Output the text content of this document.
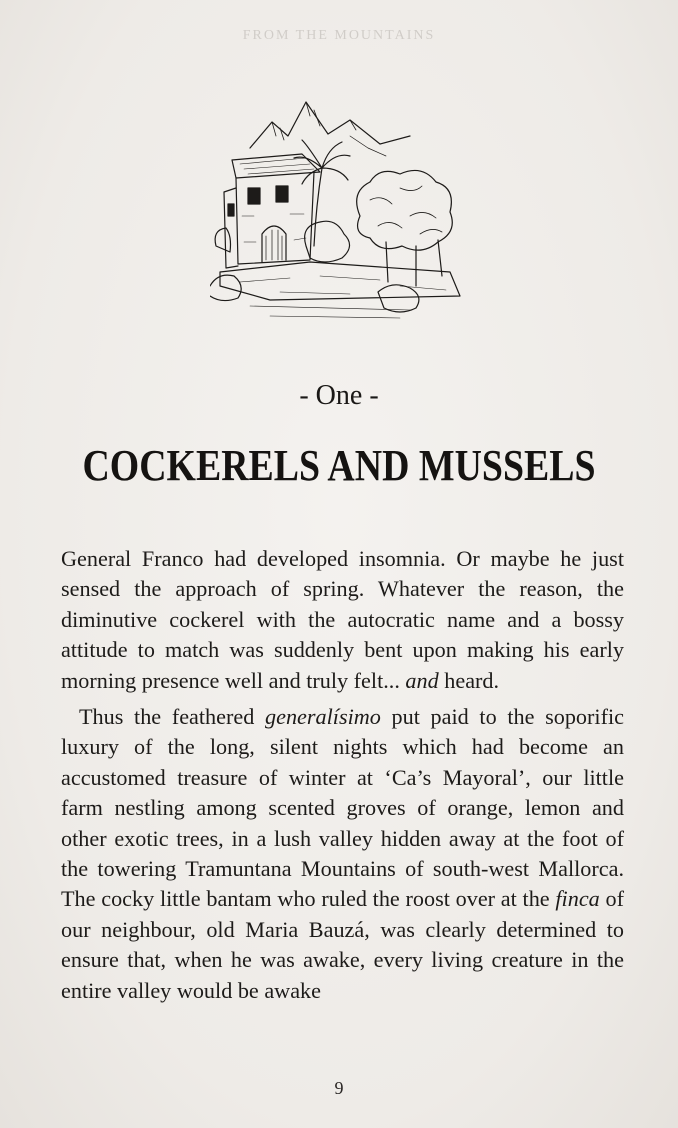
FROM THE MOUNTAINS
- One -
COCKERELS AND MUSSELS

General Franco had developed insomnia. Or maybe he just sensed the approach of spring. Whatever the reason, the diminutive cockerel with the autocratic name and a bossy attitude to match was suddenly bent upon making his early morning presence well and truly felt... and heard.

Thus the feathered generalísimo put paid to the soporific luxury of the long, silent nights which had become an accustomed treasure of winter at ‘Ca’s Mayoral’, our little farm nestling among scented groves of orange, lemon and other exotic trees, in a lush valley hidden away at the foot of the towering Tramuntana Mountains of south-west Mallorca. The cocky little bantam who ruled the roost over at the finca of our neighbour, old Maria Bauzá, was clearly determined to ensure that, when he was awake, every living creature in the entire valley would be awake

9
